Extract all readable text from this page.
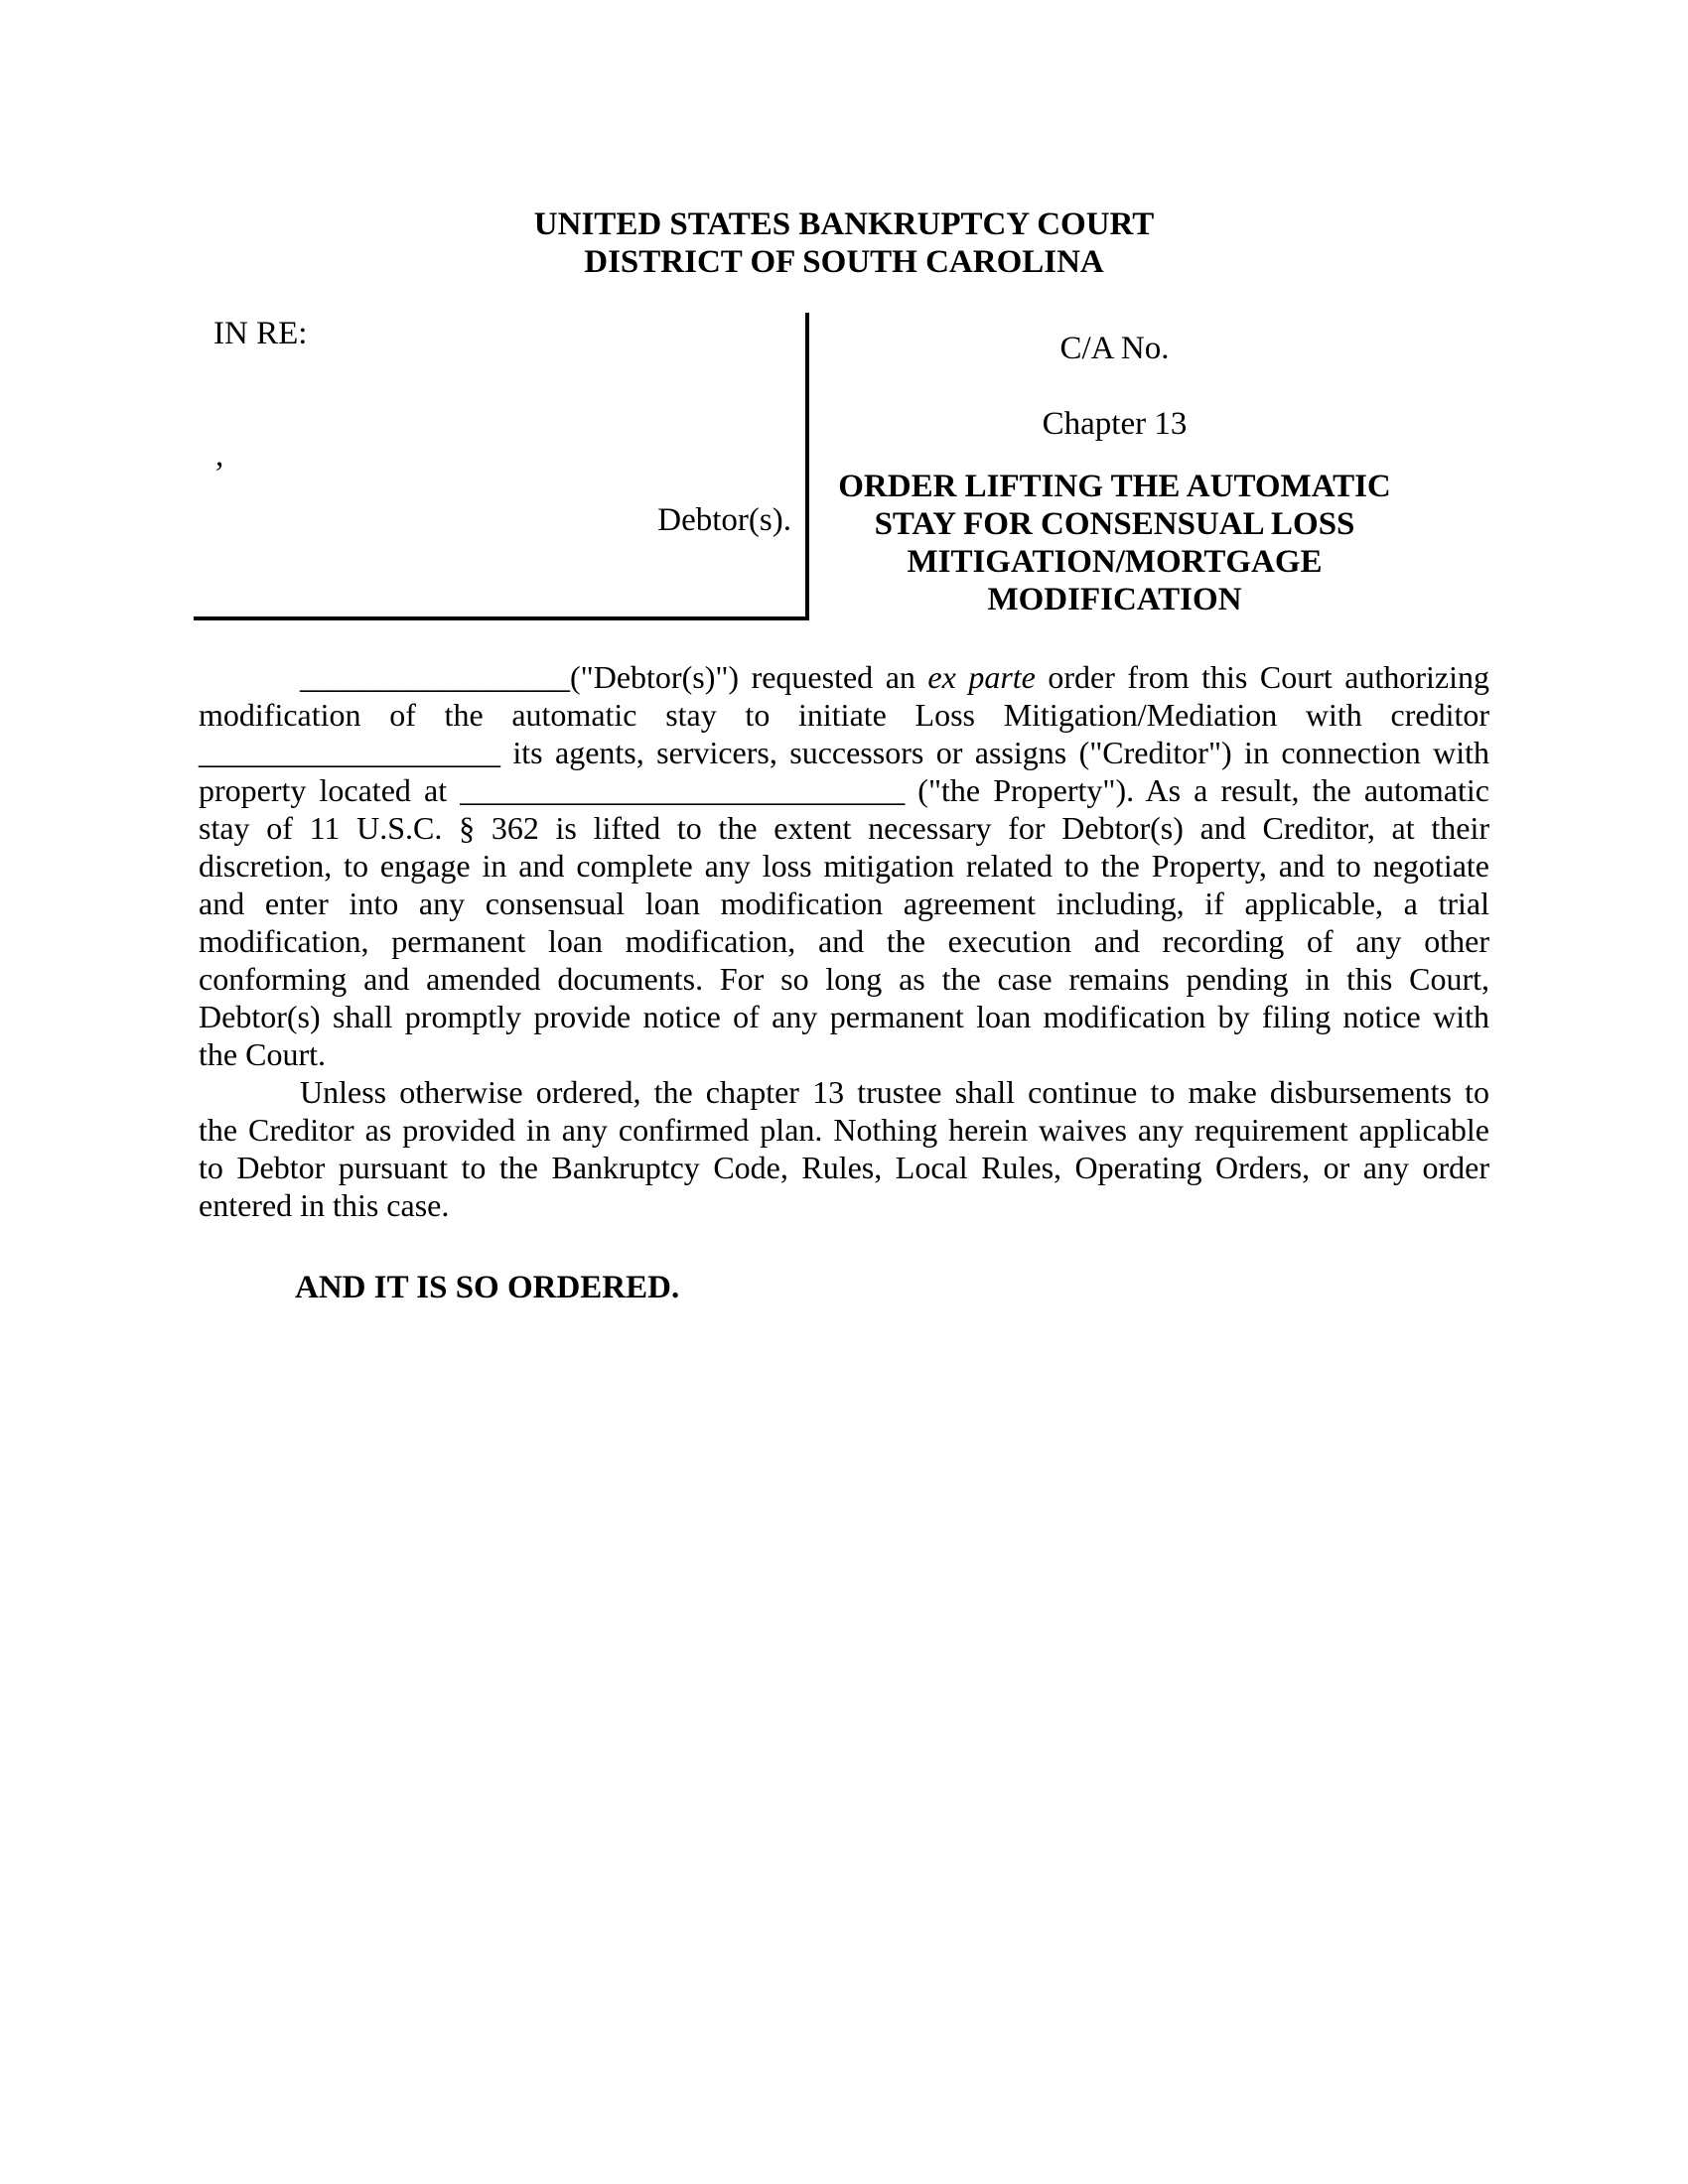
UNITED STATES BANKRUPTCY COURT
DISTRICT OF SOUTH CAROLINA
IN RE:
,
Debtor(s).
C/A No.
Chapter 13
ORDER LIFTING THE AUTOMATIC
STAY FOR CONSENSUAL LOSS
MITIGATION/MORTGAGE
MODIFICATION
_________________("Debtor(s)") requested an ex parte order from this Court authorizing
modification of the automatic stay to initiate Loss Mitigation/Mediation with creditor
___________________ its agents, servicers, successors or assigns ("Creditor") in connection with
property located at ____________________________ ("the Property"). As a result, the automatic
stay of 11 U.S.C. § 362 is lifted to the extent necessary for Debtor(s) and Creditor, at their
discretion, to engage in and complete any loss mitigation related to the Property, and to negotiate
and enter into any consensual loan modification agreement including, if applicable, a trial
modification, permanent loan modification, and the execution and recording of any other
conforming and amended documents. For so long as the case remains pending in this Court,
Debtor(s) shall promptly provide notice of any permanent loan modification by filing notice with
the Court.
Unless otherwise ordered, the chapter 13 trustee shall continue to make disbursements to
the Creditor as provided in any confirmed plan. Nothing herein waives any requirement applicable
to Debtor pursuant to the Bankruptcy Code, Rules, Local Rules, Operating Orders, or any order
entered in this case.
AND IT IS SO ORDERED.
